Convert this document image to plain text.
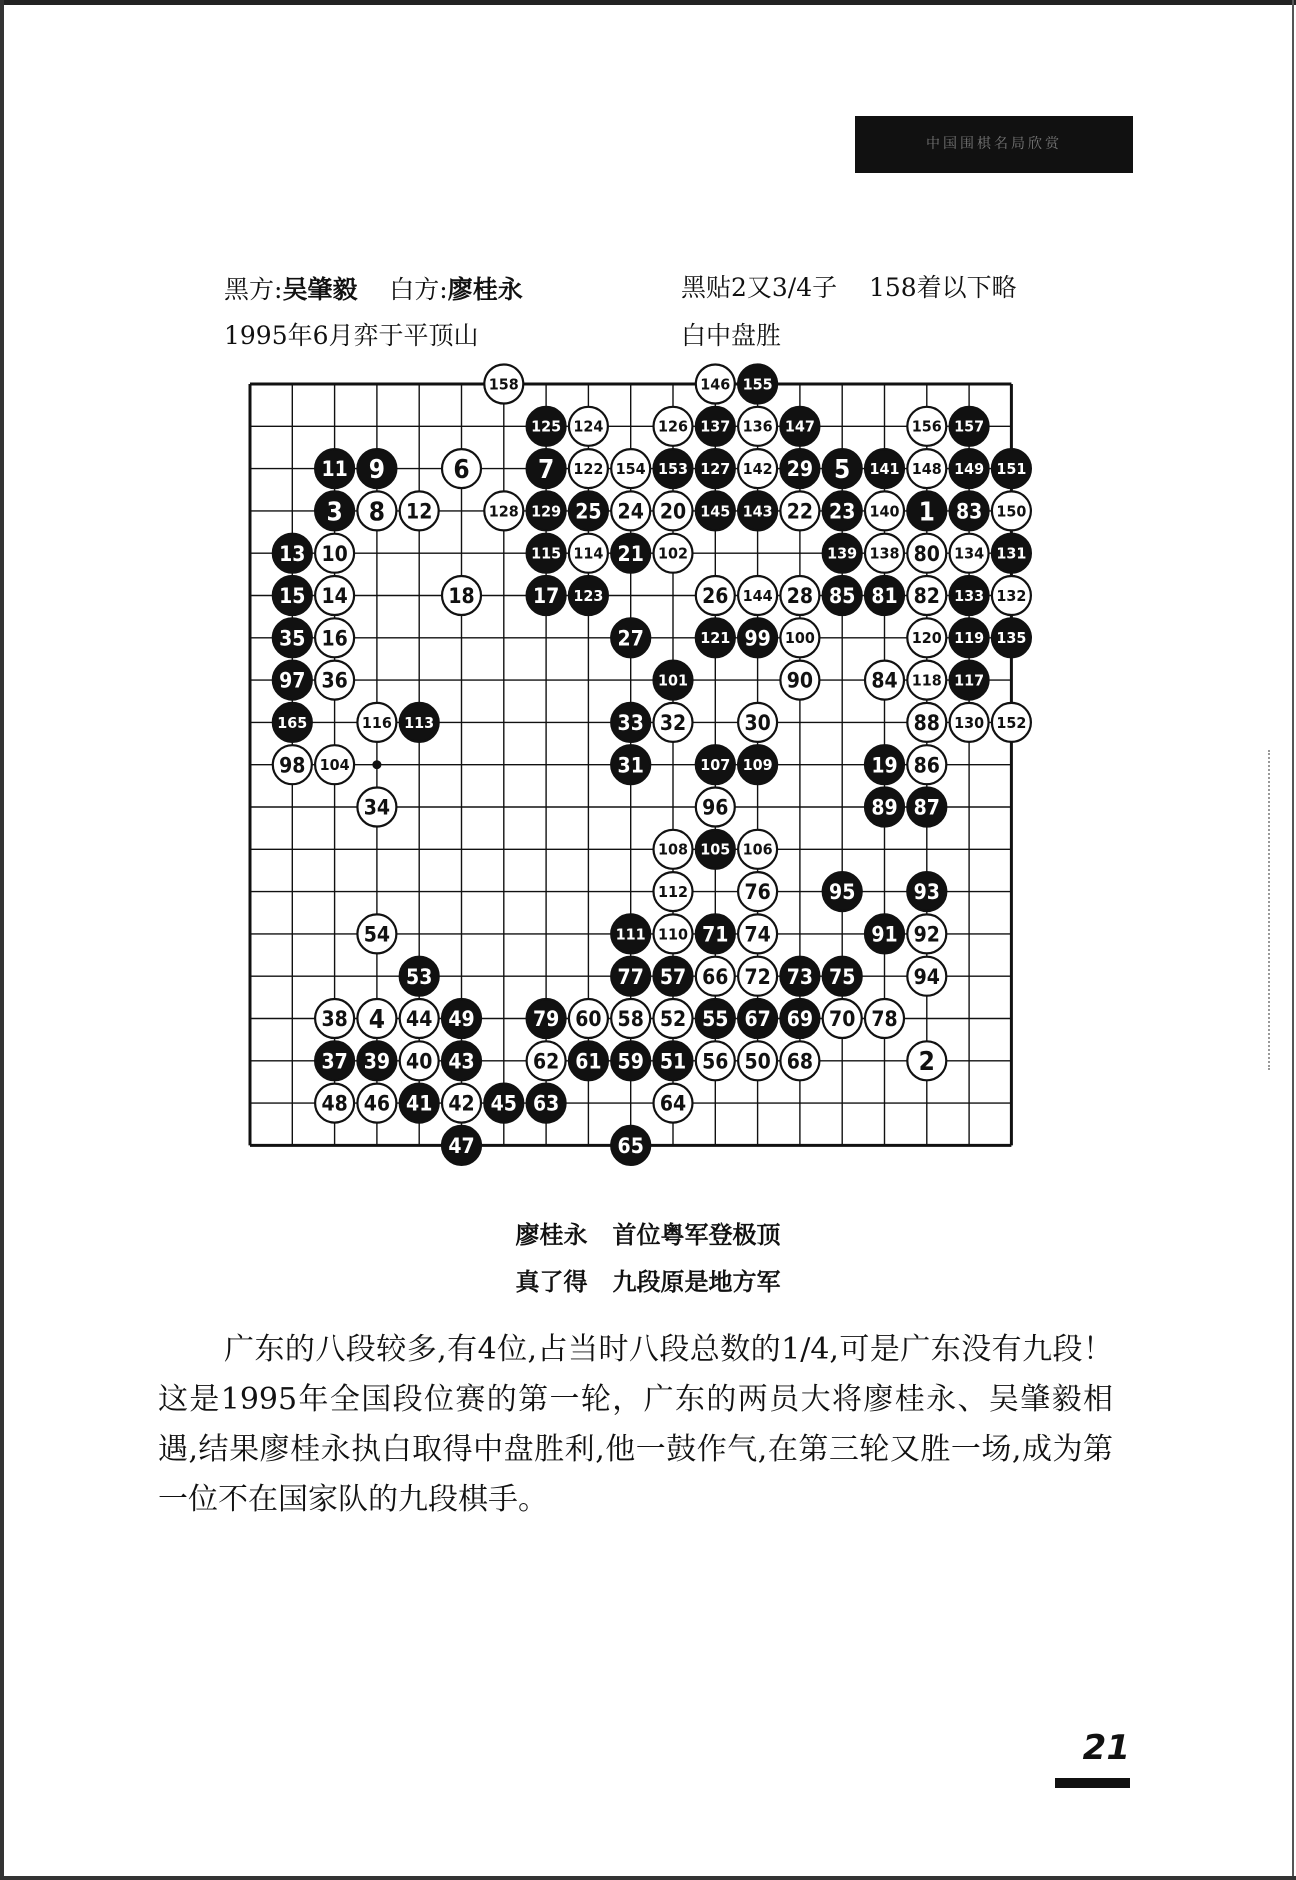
中国围棋名局欣赏
黑方:吴肇毅 白方:廖桂永	黑贴2又3/4子 158着以下略
1995年6月弈于平顶山	白中盘胜
158	146 155
125 124	126 137 136 147	156 157
11 9	6	7 122 154 153 127 142 29 5 141 148 149 151
3 8 12	128 129 25 24 20 145 143 22 23 140 1 83 150
13 10	115 114 21 102	139 138 80 134 131
15 14	18	17 123	26 144 28 85 81 82 133 132
35 16	27	121 99 100	120 119 135
97 36	101	90	84 118 117
165	116 113	33 32	30	88 130 152
98 104	31	107 109	19 86
34	96	89 87
108 105 106
112	76	95	93
54	111 110 71 74	91 92
53	77 57 66 72 73 75	94
38 4 44 49	79 60 58 52 55 67 69 70 78
37 39 40 43	62 61 59 51 56 50 68	2
48 46 41 42 45 63	64
47	65
廖桂永 首位粤军登极顶
真了得 九段原是地方军
广东的八段较多,有4位,占当时八段总数的1/4,可是广东没有九段！这是1995年全国段位赛的第一轮，广东的两员大将廖桂永、吴肇毅相遇,结果廖桂永执白取得中盘胜利,他一鼓作气,在第三轮又胜一场,成为第一位不在国家队的九段棋手。
21
